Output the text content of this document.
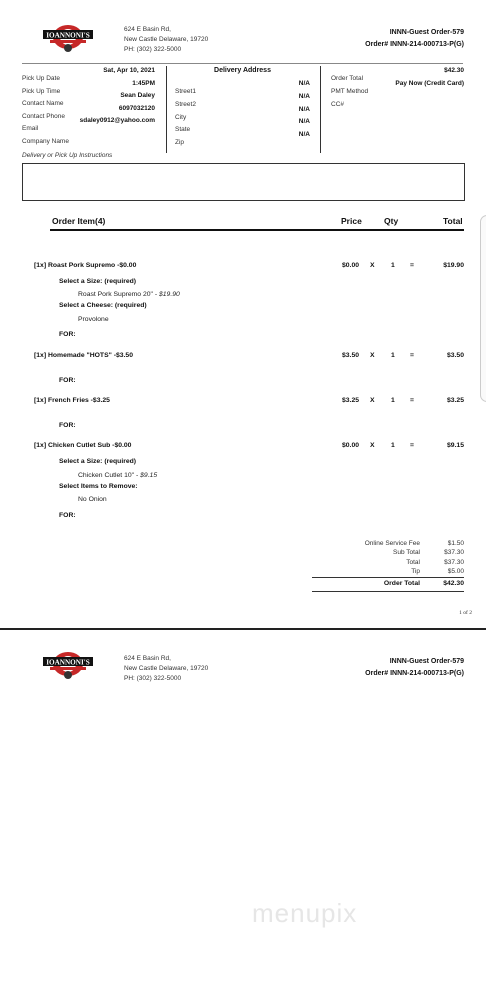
IOANNONI'S
624 E Basin Rd,
New Castle Delaware, 19720
PH: (302) 322-5000
INNN-Guest Order-579
Order# INNN-214-000713-P(G)
Pick Up Date
Sat, Apr 10, 2021
Pick Up Time
1:45PM
Contact Name
Sean Daley
Contact Phone
6097032120
Email
sdaley0912@yahoo.com
Company Name
Delivery Address
Street1
N/A
Street2
N/A
City
N/A
State
N/A
Zip
N/A
Order Total
$42.30
PMT Method
Pay Now (Credit Card)
CC#
Delivery or Pick Up Instructions
Order Item(4)	Price	Qty	Total
[1x] Roast Pork Supremo -$0.00	$0.00 X 1 =	$19.90
Select a Size: (required)
Roast Pork Supremo 20" - $19.90
Select a Cheese: (required)
Provolone
FOR:
[1x] Homemade "HOTS" -$3.50	$3.50 X 1 =	$3.50
FOR:
[1x] French Fries -$3.25	$3.25 X 1 =	$3.25
FOR:
[1x] Chicken Cutlet Sub -$0.00	$0.00 X 1 =	$9.15
Select a Size: (required)
Chicken Cutlet 10" - $9.15
Select Items to Remove:
No Onion
FOR:
Online Service Fee	$1.50
Sub Total	$37.30
Total	$37.30
Tip	$5.00
Order Total	$42.30
1 of 2
IOANNONI'S	624 E Basin Rd,
New Castle Delaware, 19720
PH: (302) 322-5000
INNN-Guest Order-579
Order# INNN-214-000713-P(G)
menupix
